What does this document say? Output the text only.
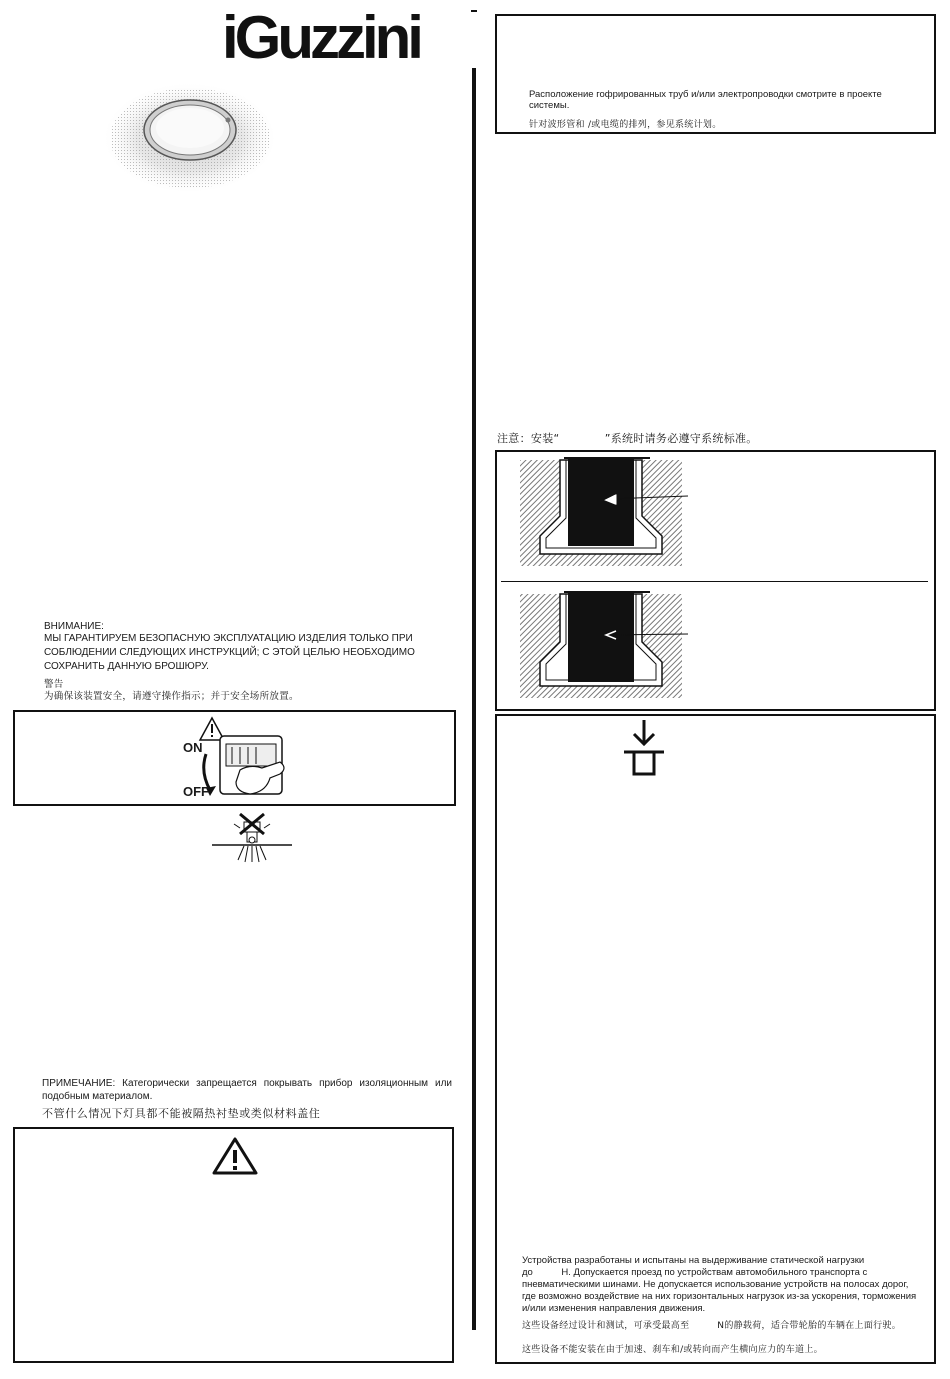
iGuzzini
ВНИМАНИЕ:
МЫ ГАРАНТИРУЕМ БЕЗОПАСНУЮ ЭКСПЛУАТАЦИЮ ИЗДЕЛИЯ ТОЛЬКО ПРИ СОБЛЮДЕНИИ СЛЕДУЮЩИХ ИНСТРУКЦИЙ; С ЭТОЙ ЦЕЛЬЮ НЕОБХОДИМО СОХРАНИТЬ ДАННУЮ БРОШЮРУ.
警告
为确保该装置安全，请遵守操作指示；并于安全场所放置。
ON
OFF
ПРИМЕЧАНИЕ: Категорически запрещается покрывать прибор изоляционным или подобным материалом.
不管什么情况下灯具都不能被隔热衬垫或类似材料盖住
Расположение гофрированных труб и/или электропроводки смотрите в проекте системы.
针对波形管和 /或电缆的排列，参见系统计划。
注意：安装“　　　　”系统时请务必遵守系统标准。
Устройства разработаны и испытаны на выдерживание статической нагрузки
до　　　Н. Допускается проезд по устройствам автомобильного транспорта с пневматическими шинами. Не допускается использование устройств на полосах дорог, где возможно воздействие на них горизонтальных нагрузок из-за ускорения, торможения и/или изменения направления движения.
这些设备经过设计和测试，可承受最高至　　　N的静载荷，适合带轮胎的车辆在上面行驶。
这些设备不能安装在由于加速、刹车和/或转向而产生横向应力的车道上。
